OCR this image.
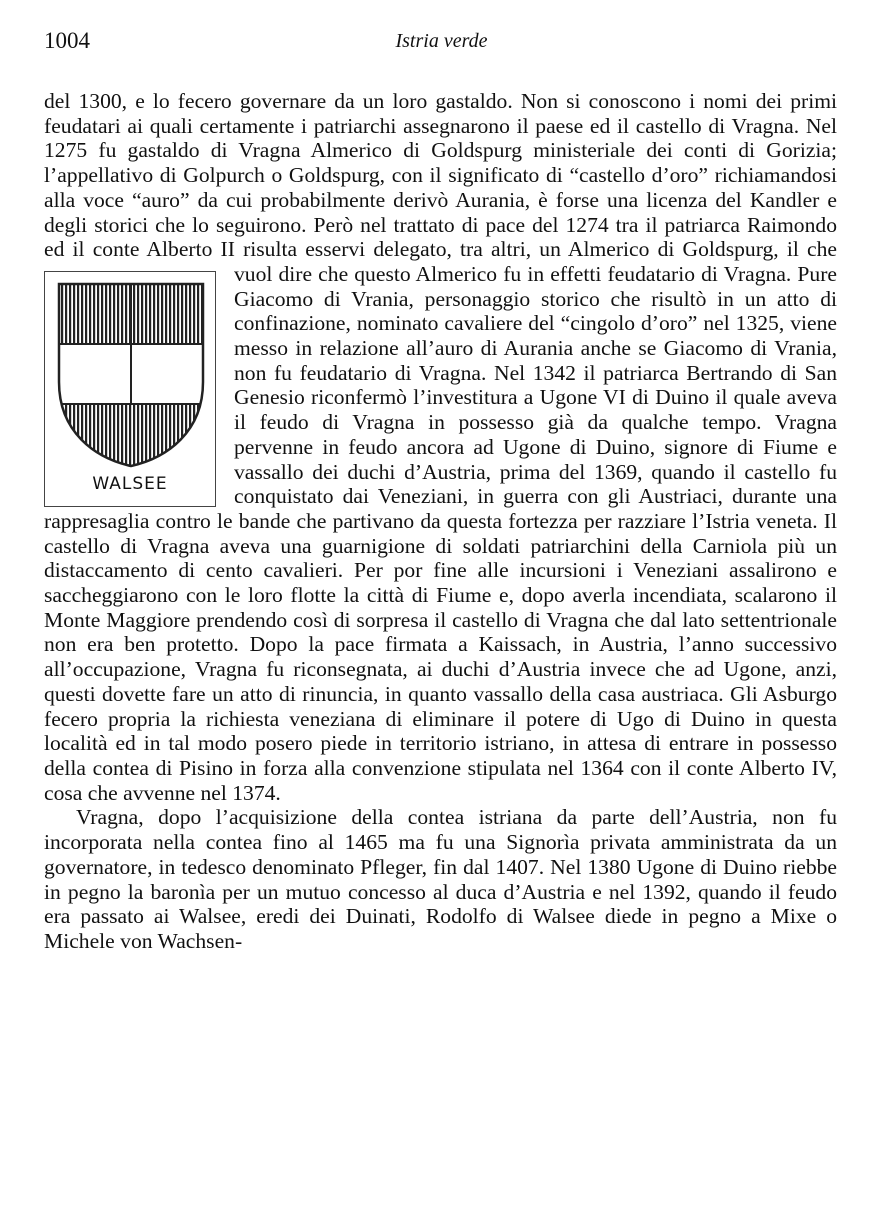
1004	Istria verde

del 1300, e lo fecero governare da un loro gastaldo. Non si conoscono i nomi dei primi feudatari ai quali certamente i patriarchi assegnarono il paese ed il castello di Vragna. Nel 1275 fu gastaldo di Vragna Almerico di Goldspurg ministeriale dei conti di Gorizia; l’appellativo di Golpurch o Goldspurg, con il significato di “castello d’oro” richiamandosi alla voce “auro” da cui probabilmente derivò Aurania, è forse una licenza del Kandler e degli storici che lo seguirono. Però nel trattato di pace del 1274 tra il patriarca Raimondo ed il conte Alberto II risulta esservi delegato, tra altri, un Almerico di Goldspurg, il che vuol dire che questo Almerico fu in effetti feudatario di Vragna. Pure
WALSEE
Giacomo di Vrania, personaggio storico che risultò in un atto di confinazione, nominato cavaliere del “cingolo d’oro” nel 1325, viene messo in relazione all’auro di Aurania anche se Giacomo di Vrania, non fu feudatario di Vragna. Nel 1342 il patriarca Bertrando di San Genesio riconfermò l’investitura a Ugone VI di Duino il quale aveva il feudo di Vragna in possesso già da qualche tempo. Vragna pervenne in feudo ancora ad Ugone di Duino, signore di Fiume e vassallo dei duchi d’Austria, prima del 1369, quando il castello fu conquistato dai Veneziani, in guerra con gli Austriaci, durante una rappresaglia contro le bande che partivano da questa fortezza per razziare l’Istria veneta. Il castello di Vragna aveva una guarnigione di soldati patriarchini della Carniola più un distaccamento di cento cavalieri. Per por fine alle incursioni i Veneziani assalirono e saccheggiarono con le loro flotte la città di Fiume e, dopo averla incendiata, scalarono il Monte Maggiore prendendo così di sorpresa il castello di Vragna che dal lato settentrionale non era ben protetto. Dopo la pace firmata a Kaissach, in Austria, l’anno successivo all’occupazione, Vragna fu riconsegnata, ai duchi d’Austria invece che ad Ugone, anzi, questi dovette fare un atto di rinuncia, in quanto vassallo della casa austriaca. Gli Asburgo fecero propria la richiesta veneziana di eliminare il potere di Ugo di Duino in questa località ed in tal modo posero piede in territorio istriano, in attesa di entrare in possesso della contea di Pisino in forza alla convenzione stipulata nel 1364 con il conte Alberto IV, cosa che avvenne nel 1374.

Vragna, dopo l’acquisizione della contea istriana da parte dell’Austria, non fu incorporata nella contea fino al 1465 ma fu una Signorìa privata amministrata da un governatore, in tedesco denominato Pfleger, fin dal 1407. Nel 1380 Ugone di Duino riebbe in pegno la baronìa per un mutuo concesso al duca d’Austria e nel 1392, quando il feudo era passato ai Walsee, eredi dei Duinati, Rodolfo di Walsee diede in pegno a Mixe o Michele von Wachsen-
